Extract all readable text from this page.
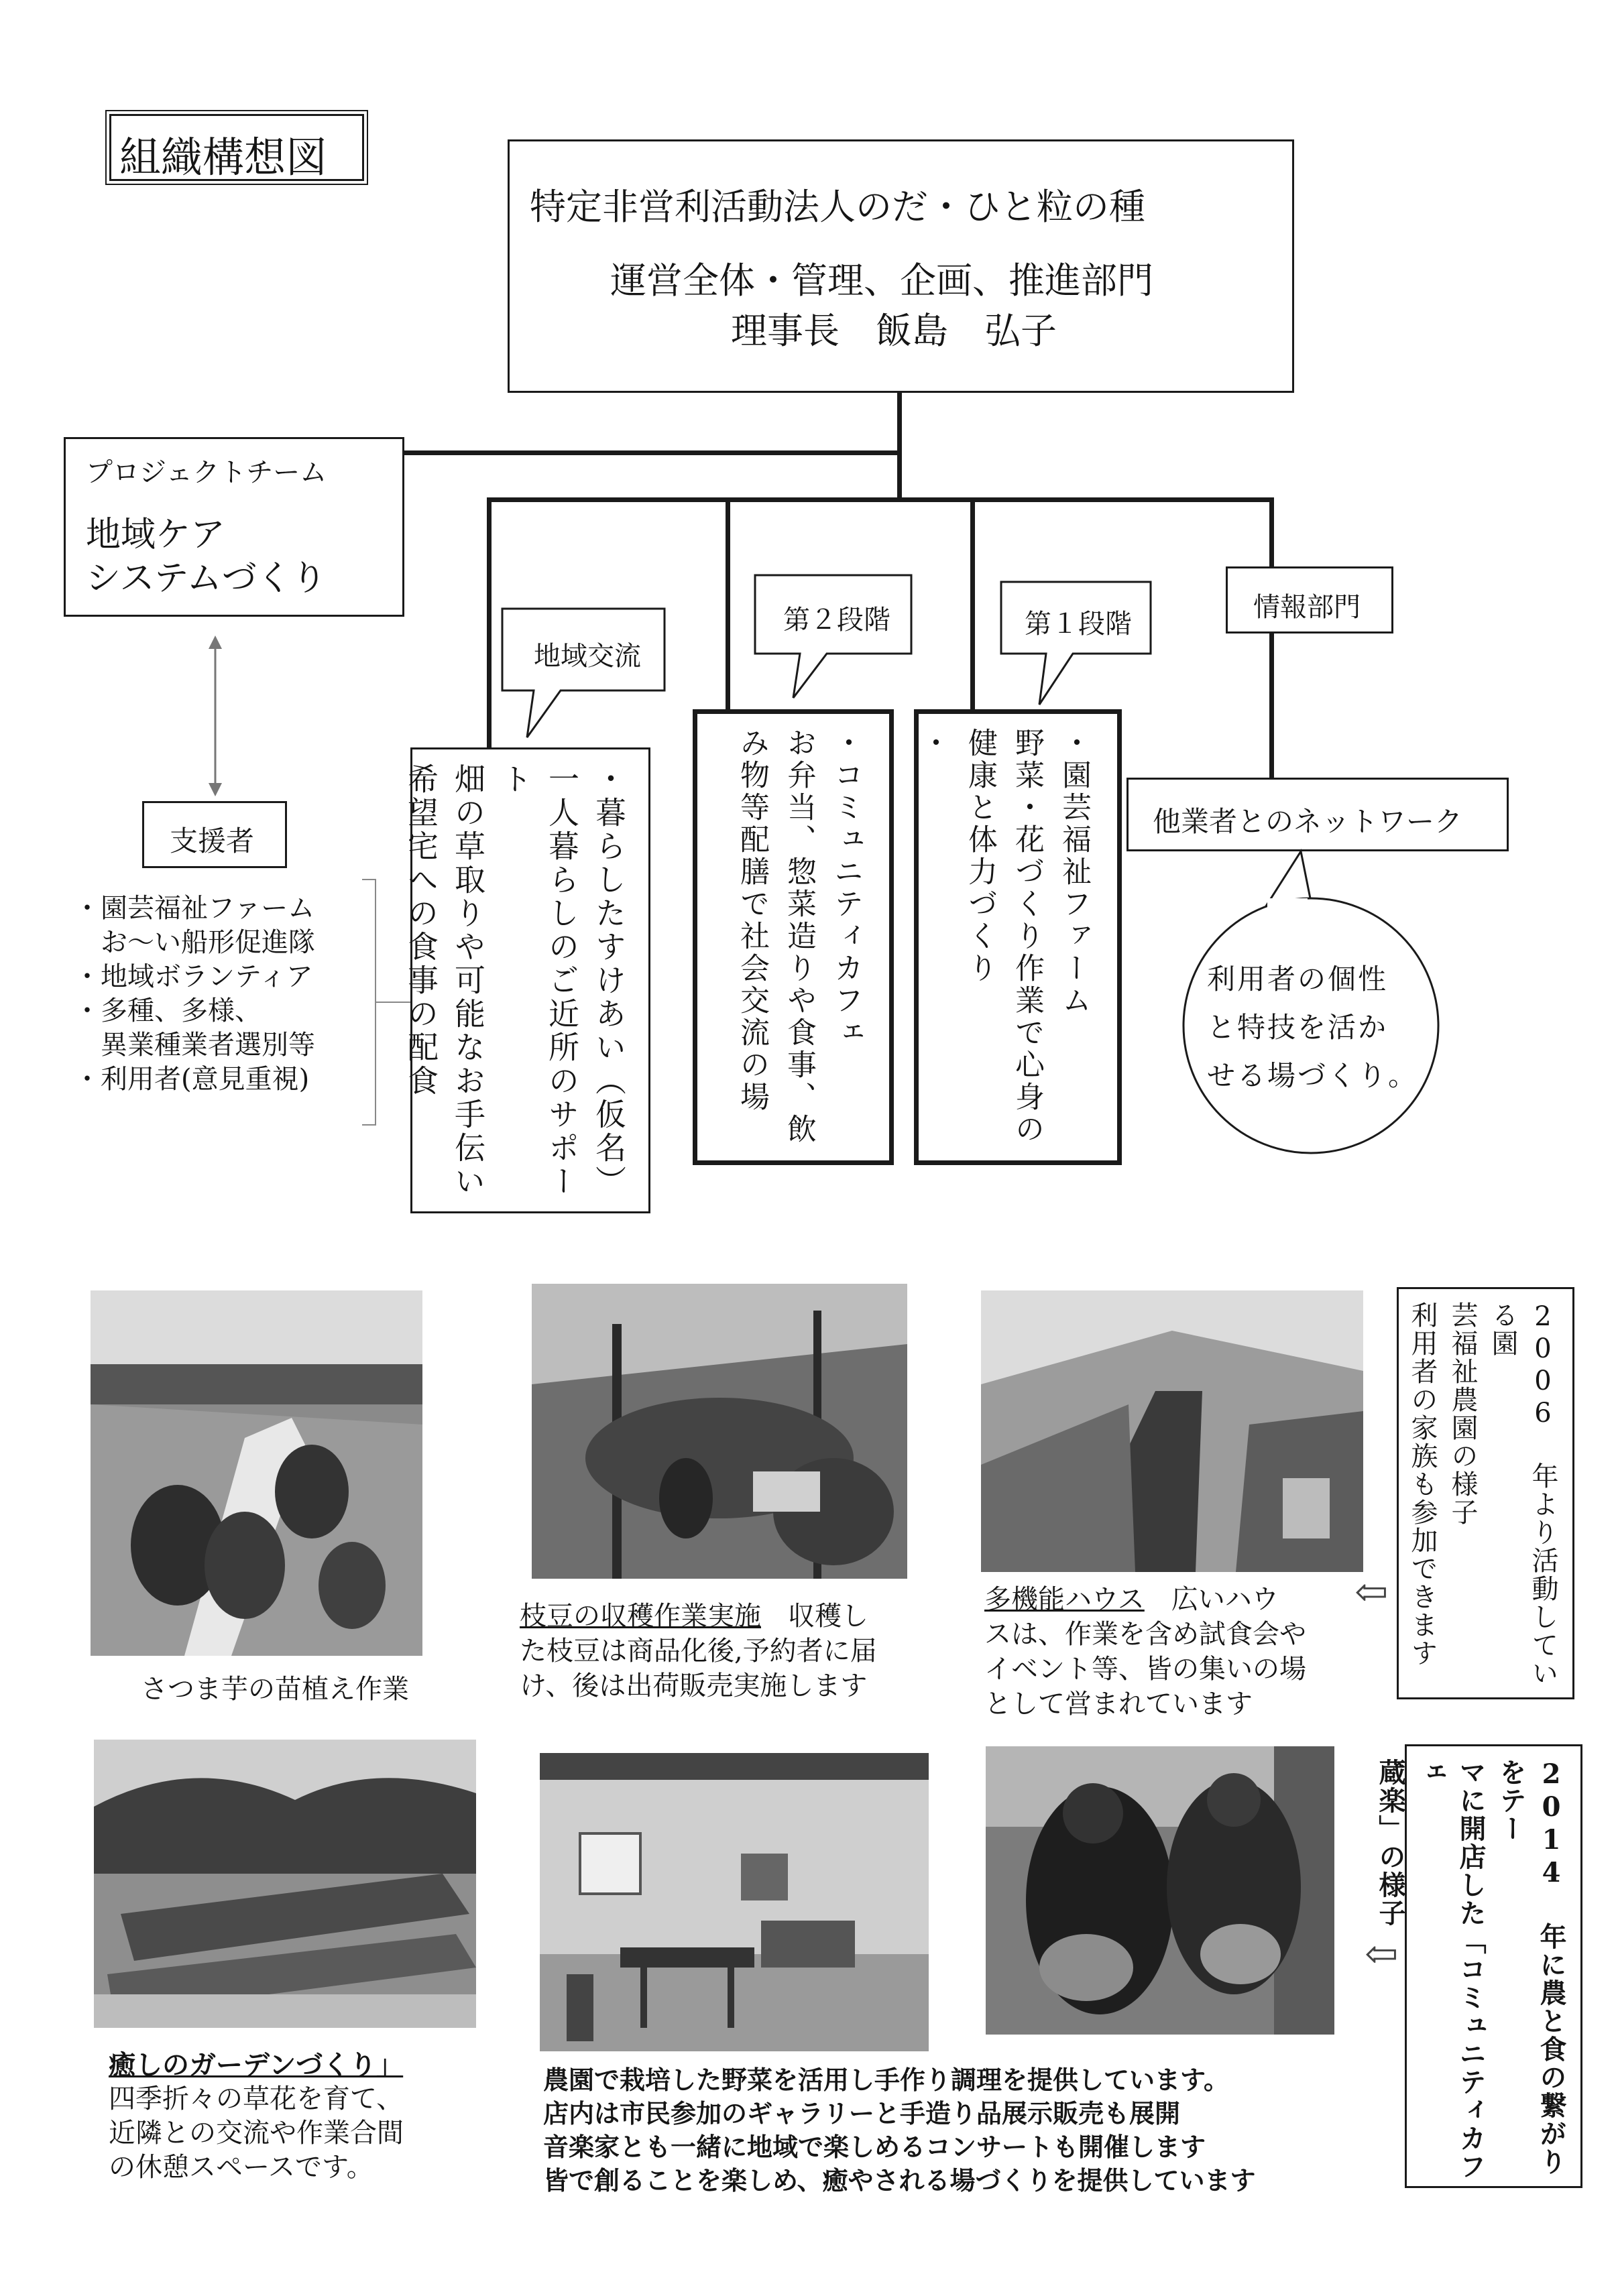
組織構想図
特定非営利活動法人のだ・ひと粒の種
運営全体・管理、企画、推進部門
理事長　飯島　弘子
プロジェクトチーム
地域ケア
システムづくり
支援者
・園芸福祉ファーム
　お〜い船形促進隊
・地域ボランティア
・多種、多様、
　異業種業者選別等
・利用者(意見重視)
地域交流
第２段階	第１段階
情報部門
・暮らしたすけあい（仮名）
一人暮らしのご近所のサポート
畑の草取りや可能なお手伝い
希望宅への食事の配食	・コミュニティカフェ
お弁当、惣菜造りや食事、飲
み物等配膳で社会交流の場	・園芸福祉ファーム
野菜・花づくり作業で心身の
健康と体力づくり
・
他業者とのネットワーク
利用者の個性
と特技を活か
せる場づくり。
さつま芋の苗植え作業
枝豆の収穫作業実施　 収穫し
た枝豆は商品化後,予約者に届
け、後は出荷販売実施します
多機能ハウス　 広いハウ
スは、作業を含め試食会や
イベント等、皆の集いの場
として営まれています
2006 年より活動している園
芸福祉農園の様子
利用者の家族も参加できます
⇦
癒しのガーデンづくり」
四季折々の草花を育て、
近隣との交流や作業合間
の休憩スペースです。
農園で栽培した野菜を活用し手作り調理を提供しています。
店内は市民参加のギャラリーと手造り品展示販売も展開
音楽家とも一緒に地域で楽しめるコンサートも開催します
皆で創ることを楽しめ、癒やされる場づくりを提供しています
2014 年に農と食の繋がりをテー
マに開店した「コミュニティカフェ
蔵楽」の様子
⇦
